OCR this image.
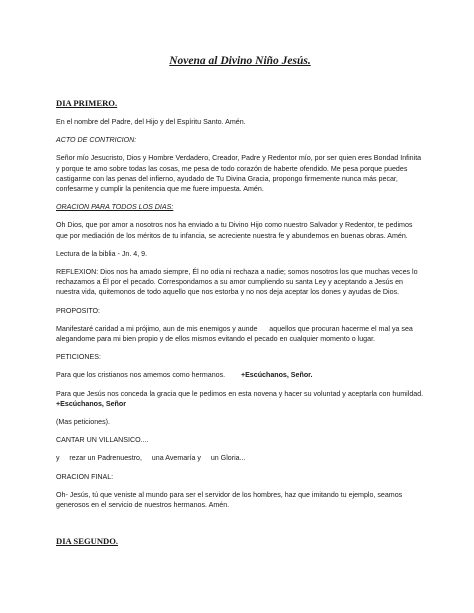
Novena al Divino Niño Jesús.
DIA PRIMERO.

En el nombre del Padre, del Hijo y del Espíritu Santo. Amén.

ACTO DE CONTRICION:

Señor mío Jesucristo, Dios y Hombre Verdadero, Creador, Padre y Redentor mío, por ser quien eres Bondad Infinita y porque te amo sobre todas las cosas, me pesa de todo corazón de haberte ofendido. Me pesa porque puedes castigarme con las penas del infierno, ayudado de Tu Divina Gracia, propongo firmemente nunca más pecar, confesarme y cumplir la penitencia que me fuere impuesta. Amén.

ORACION PARA TODOS LOS DIAS:

Oh Dios, que por amor a nosotros nos ha enviado a tu Divino Hijo como nuestro Salvador y Redentor, te pedimos que por mediación de los méritos de tu infancia, se acreciente nuestra fe y abundemos en buenas obras. Amén.

Lectura de la biblia - Jn. 4, 9.

REFLEXION: Dios nos ha amado siempre, Él no odia ni rechaza a nadie; somos nosotros los que muchas veces lo rechazamos a Él por el pecado. Correspondamos a su amor cumpliendo su santa Ley y aceptando a Jesús en nuestra vida, quitemonos de todo aquello que nos estorba y no nos deja aceptar los dones y ayudas de Dios.

PROPOSITO:

Manifestaré caridad a mi prójimo, aun de mis enemigos y aunde      aquellos que procuran hacerme el mal ya sea alegandome para mi bien propio y de ellos mismos evitando el pecado en cualquier momento o lugar.

PETICIONES:

Para que los cristianos nos amemos como hermanos. +Escúchanos, Señor.

Para que Jesús nos conceda la gracia que le pedimos en esta novena y hacer su voluntad y aceptarla con humildad. +Escúchanos, Señor

(Mas peticiones).

CANTAR UN VILLANSICO....

y     rezar un Padrenuestro,     una Avemaría y     un Gloria...

ORACION FINAL:

Oh- Jesús, tú que veniste al mundo para ser el servidor de los hombres, haz que imitando tu ejemplo, seamos generosos en el servicio de nuestros hermanos. Amén.

DIA SEGUNDO.
